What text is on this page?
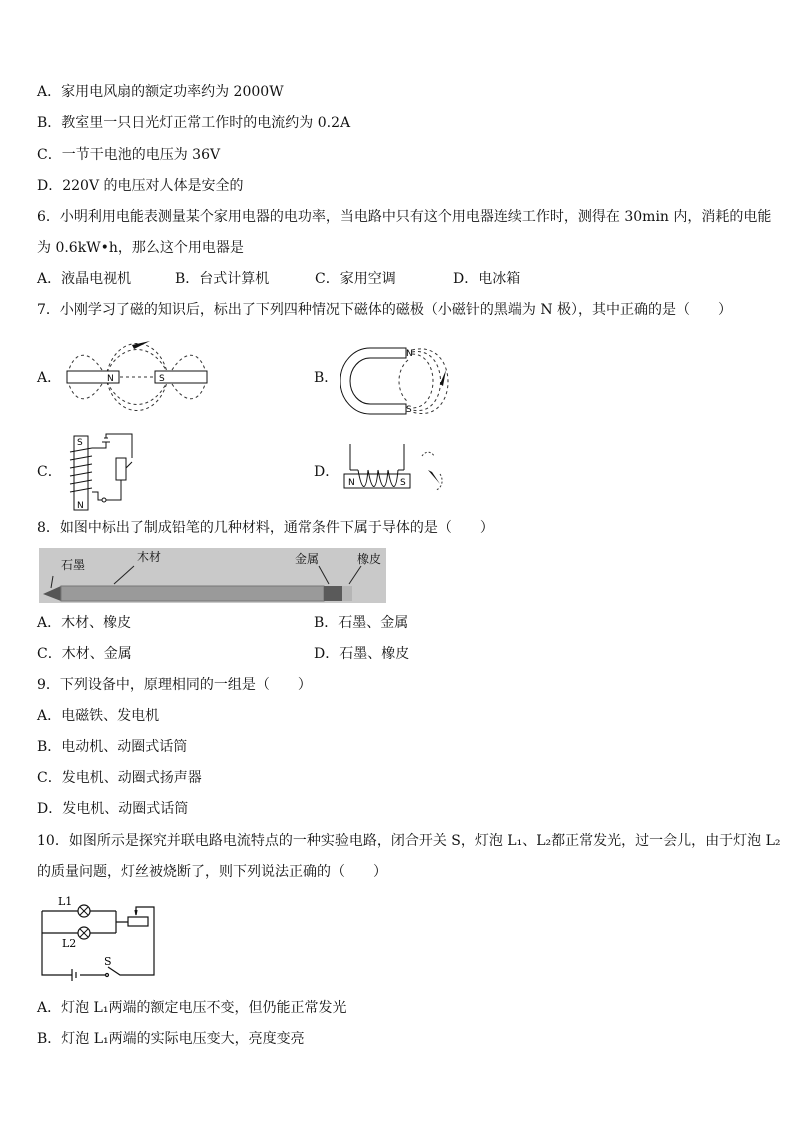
A．家用电风扇的额定功率约为 2000W
B．教室里一只日光灯正常工作时的电流约为 0.2A
C．一节干电池的电压为 36V
D．220V 的电压对人体是安全的
6．小明利用电能表测量某个家用电器的电功率，当电路中只有这个用电器连续工作时，测得在 30min 内，消耗的电能
为 0.6kW•h，那么这个用电器是
A．液晶电视机	B．台式计算机	C．家用空调	D．电冰箱
7．小刚学习了磁的知识后，标出了下列四种情况下磁体的磁极（小磁针的黑端为 N 极），其中正确的是（　　）
A．	N	S	B．
N
S
C．
S
N
D．
N	S
8．如图中标出了制成铅笔的几种材料，通常条件下属于导体的是（　　）
石墨
木材	金属	橡皮
A．木材、橡皮	B．石墨、金属
C．木材、金属	D．石墨、橡皮
9．下列设备中，原理相同的一组是（　　）
A．电磁铁、发电机
B．电动机、动圈式话筒
C．发电机、动圈式扬声器
D．发电机、动圈式话筒
10．如图所示是探究并联电路电流特点的一种实验电路，闭合开关 S，灯泡 L₁、L₂都正常发光，过一会儿，由于灯泡 L₂
的质量问题，灯丝被烧断了，则下列说法正确的（　　）
L1
L2
S
A．灯泡 L₁两端的额定电压不变，但仍能正常发光
B．灯泡 L₁两端的实际电压变大，亮度变亮
